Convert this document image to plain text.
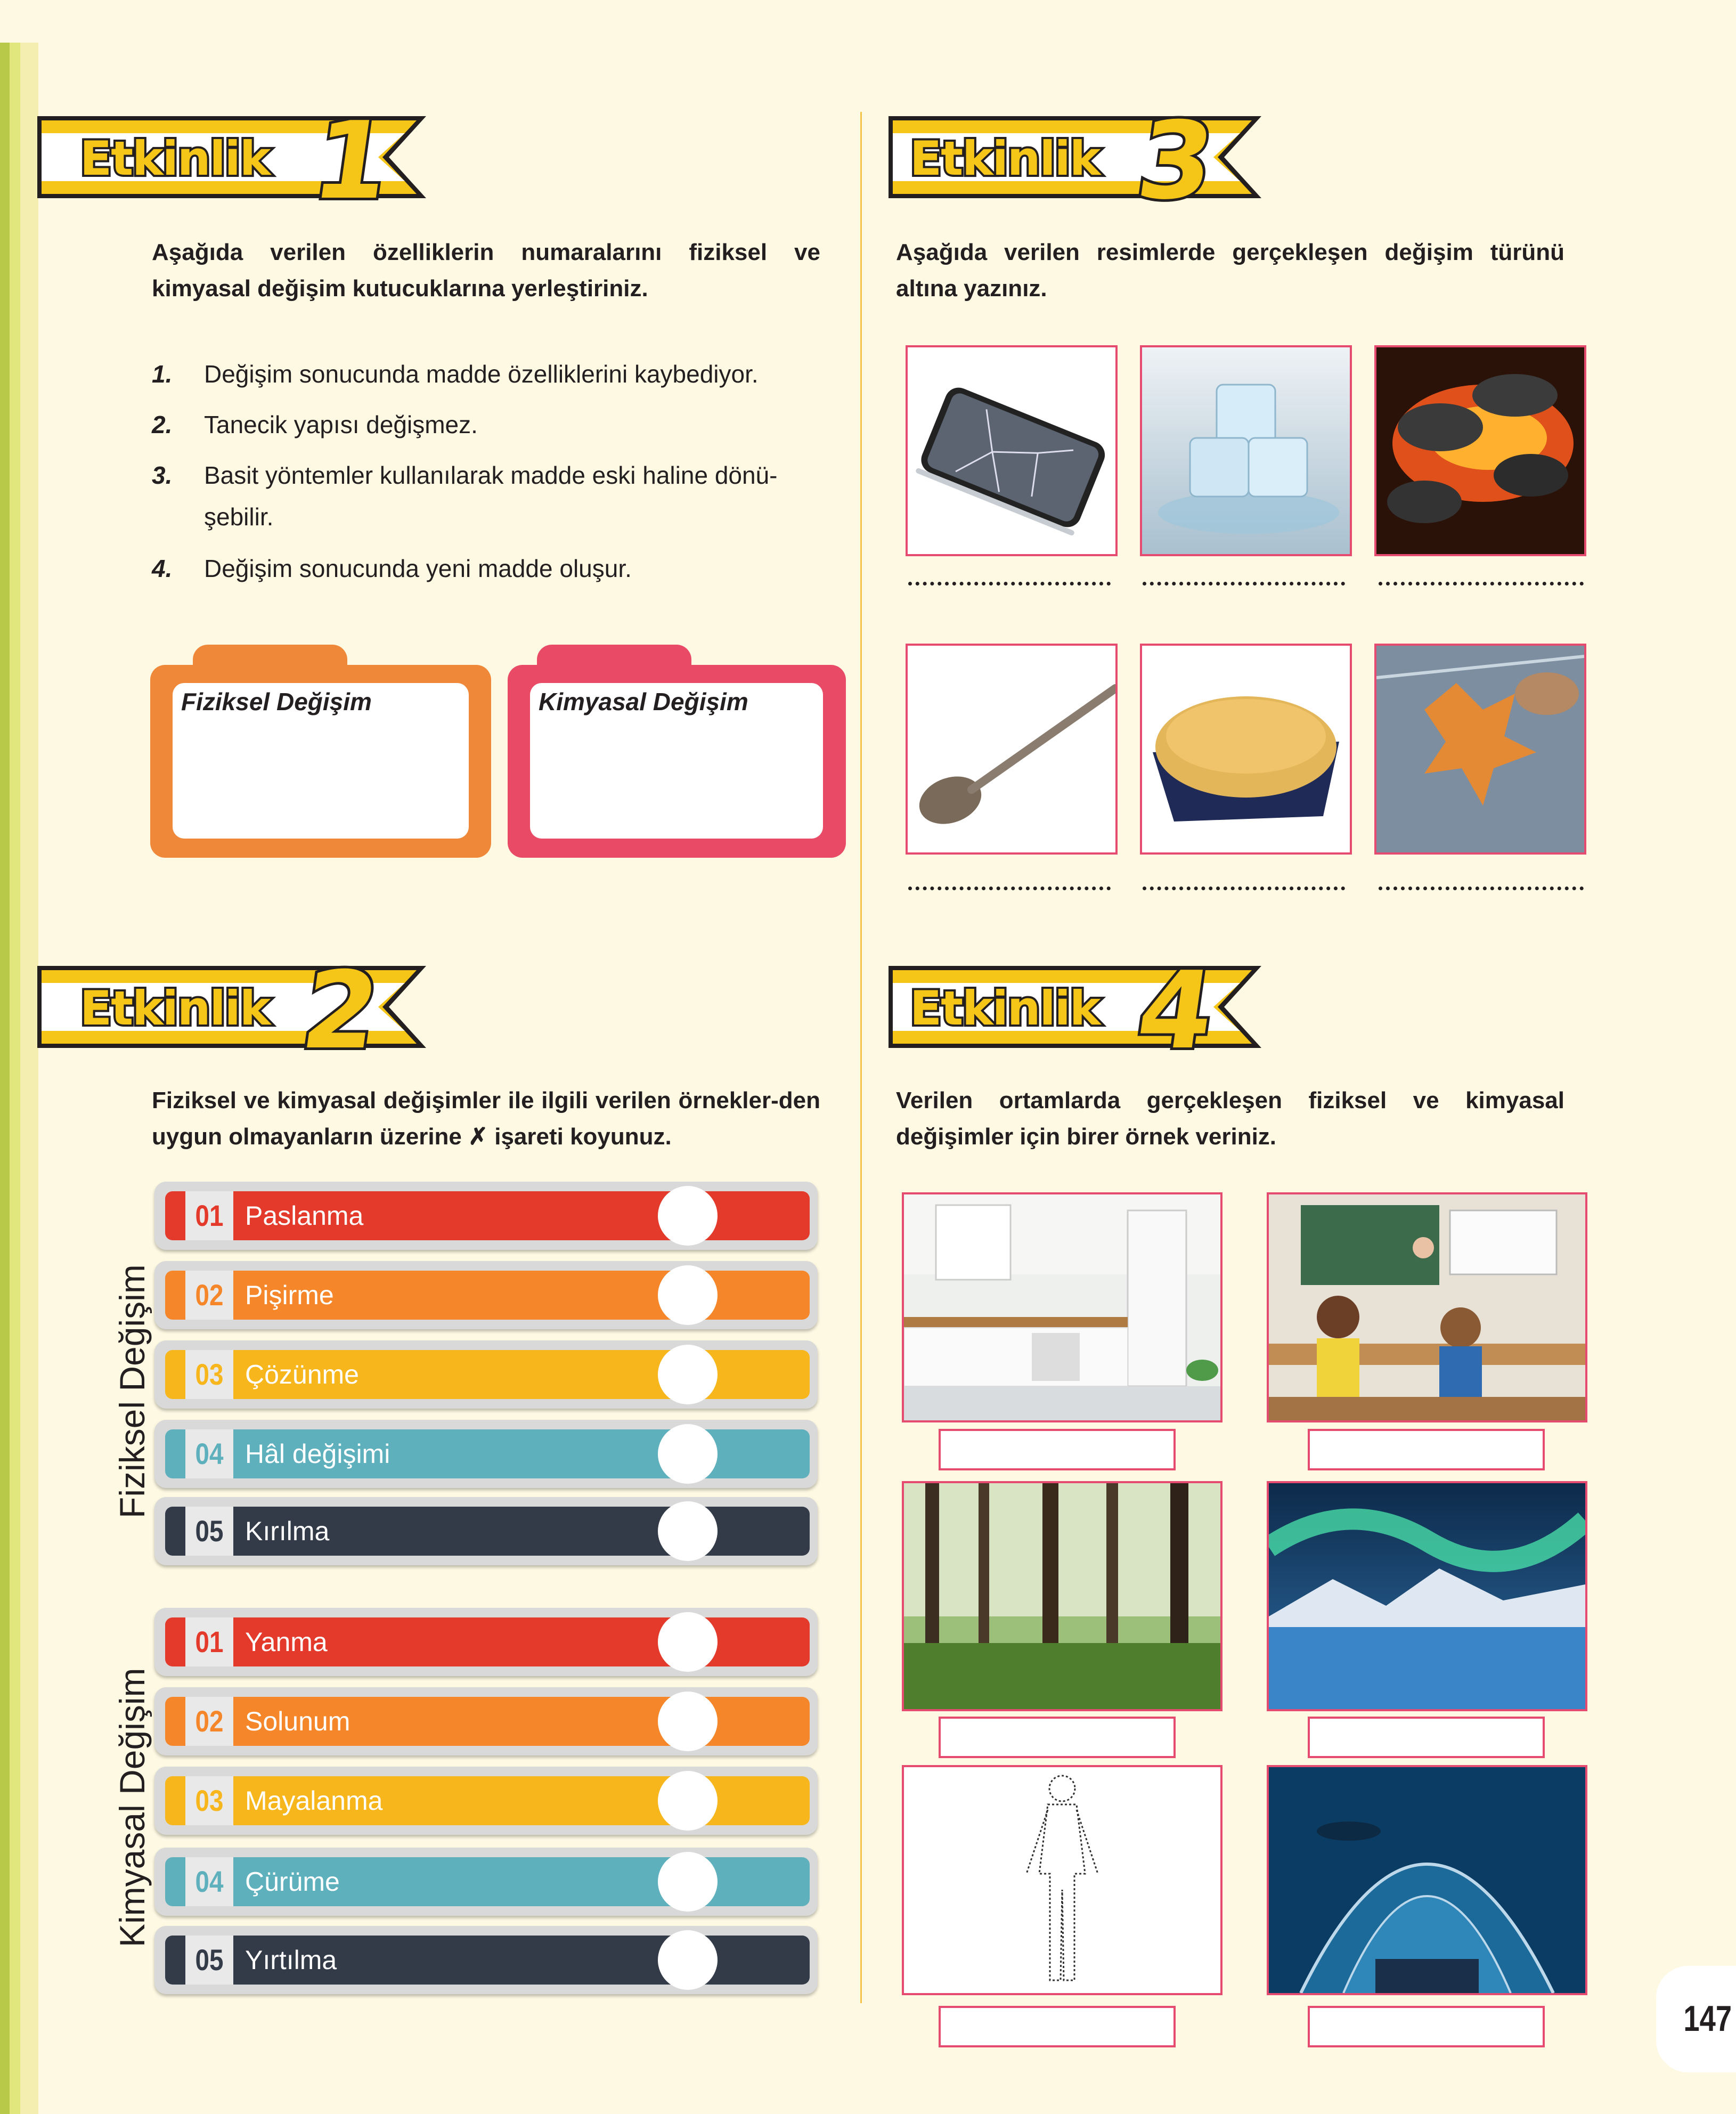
Etkinlik 1
Aşağıda verilen özelliklerin numaralarını fiziksel ve kimyasal değişim kutucuklarına yerleştiriniz.
1. Değişim sonucunda madde özelliklerini kaybediyor.
2. Tanecik yapısı değişmez.
3. Basit yöntemler kullanılarak madde eski haline dönü-
şebilir.
4. Değişim sonucunda yeni madde oluşur.
Fiziksel Değişim	Kimyasal Değişim
Etkinlik 2
Fiziksel ve kimyasal değişimler ile ilgili verilen örnekler-den uygun olmayanların üzerine ✗ işareti koyunuz.
Fiziksel Değişim
01 Paslanma
02 Pişirme
03 Çözünme
04 Hâl değişimi
05 Kırılma
Kimyasal Değişim
01 Yanma
02 Solunum
03 Mayalanma
04 Çürüme
05 Yırtılma
Etkinlik 3
Aşağıda verilen resimlerde gerçekleşen değişim türünü altına yazınız.
Etkinlik 4
Verilen ortamlarda gerçekleşen fiziksel ve kimyasal değişimler için birer örnek veriniz.
147
